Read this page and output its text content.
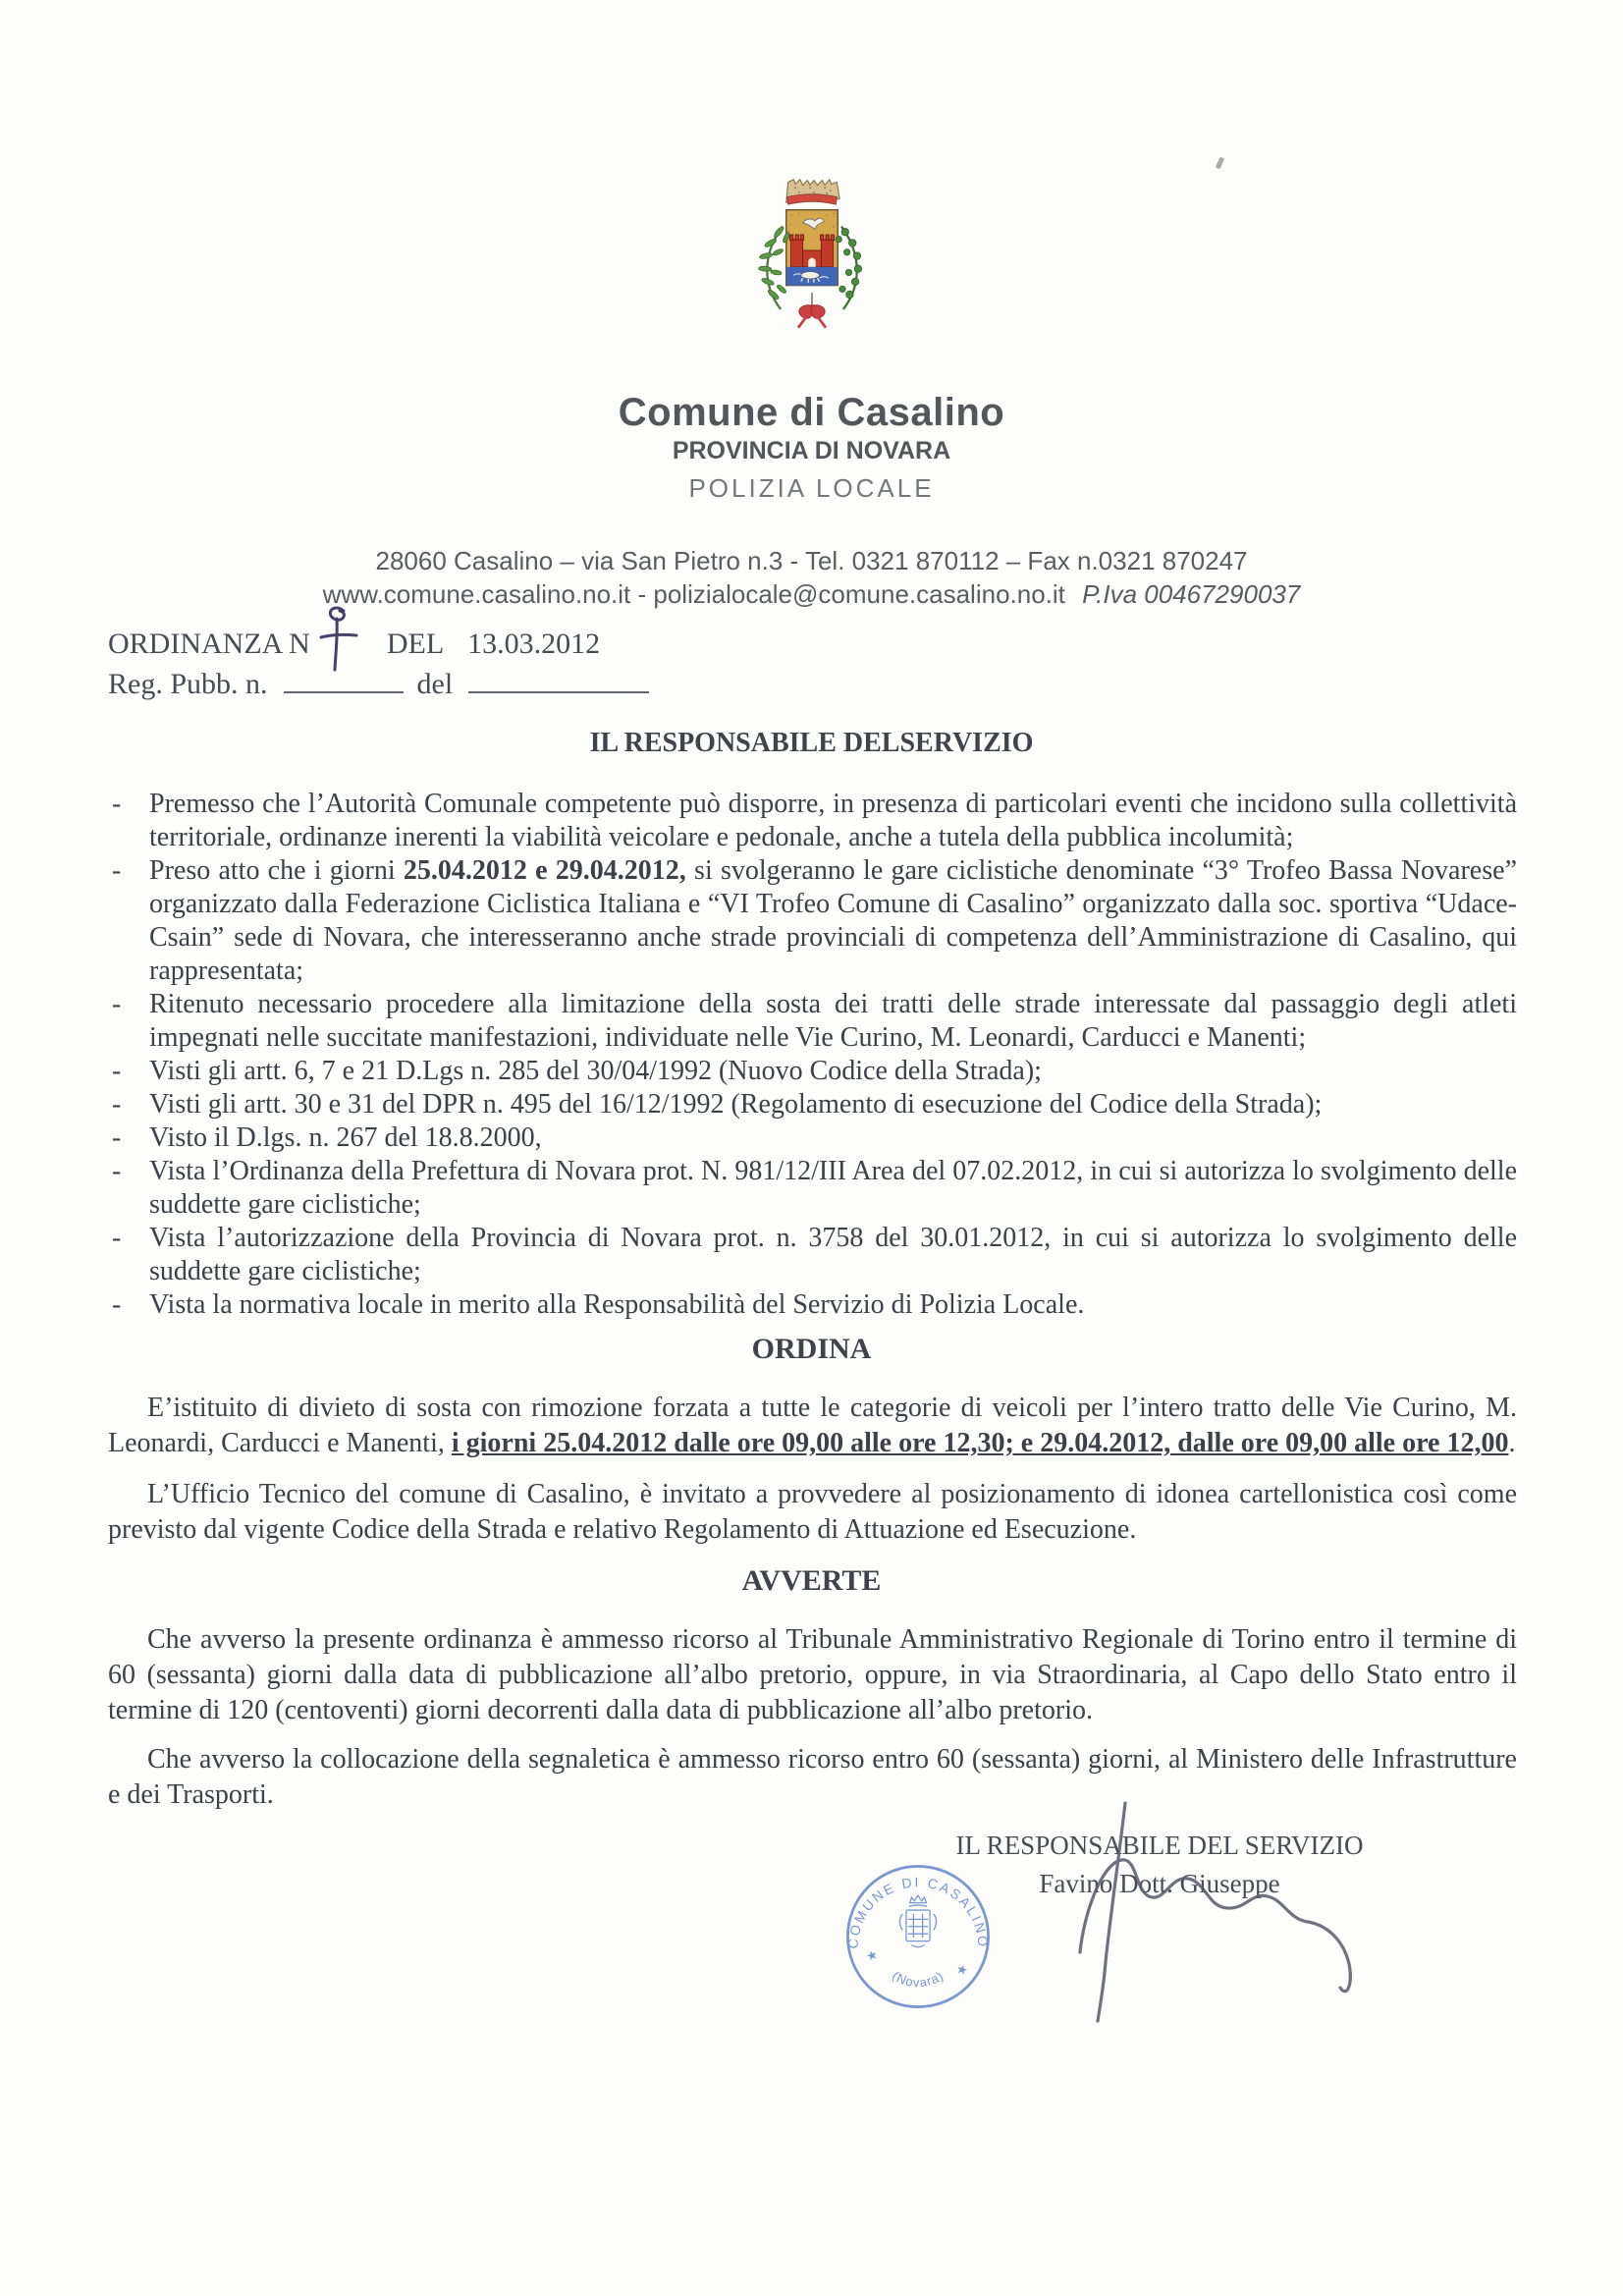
Comune di Casalino
PROVINCIA DI NOVARA
POLIZIA LOCALE
28060 Casalino – via San Pietro n.3 - Tel. 0321 870112 – Fax n.0321 870247
www.comune.casalino.no.it - polizialocale@comune.casalino.no.it P.Iva 00467290037
ORDINANZA N	DEL 13.03.2012
Reg. Pubb. n.	del
IL RESPONSABILE DELSERVIZIO
- Premesso che l’Autorità Comunale competente può disporre, in presenza di particolari eventi che incidono sulla collettività territoriale, ordinanze inerenti la viabilità veicolare e pedonale, anche a tutela della pubblica incolumità;
- Preso atto che i giorni 25.04.2012 e 29.04.2012, si svolgeranno le gare ciclistiche denominate “3° Trofeo Bassa Novarese” organizzato dalla Federazione Ciclistica Italiana e “VI Trofeo Comune di Casalino” organizzato dalla soc. sportiva “Udace-Csain” sede di Novara, che interesseranno anche strade provinciali di competenza dell’Amministrazione di Casalino, qui rappresentata;
- Ritenuto necessario procedere alla limitazione della sosta dei tratti delle strade interessate dal passaggio degli atleti impegnati nelle succitate manifestazioni, individuate nelle Vie Curino, M. Leonardi, Carducci e Manenti;
- Visti gli artt. 6, 7 e 21 D.Lgs n. 285 del 30/04/1992 (Nuovo Codice della Strada);
- Visti gli artt. 30 e 31 del DPR n. 495 del 16/12/1992 (Regolamento di esecuzione del Codice della Strada);
- Visto il D.lgs. n. 267 del 18.8.2000,
- Vista l’Ordinanza della Prefettura di Novara prot. N. 981/12/III Area del 07.02.2012, in cui si autorizza lo svolgimento delle suddette gare ciclistiche;
- Vista l’autorizzazione della Provincia di Novara prot. n. 3758 del 30.01.2012, in cui si autorizza lo svolgimento delle suddette gare ciclistiche;
- Vista la normativa locale in merito alla Responsabilità del Servizio di Polizia Locale.
ORDINA

E’istituito di divieto di sosta con rimozione forzata a tutte le categorie di veicoli per l’intero tratto delle Vie Curino, M. Leonardi, Carducci e Manenti, i giorni 25.04.2012 dalle ore 09,00 alle ore 12,30; e 29.04.2012, dalle ore 09,00 alle ore 12,00.

L’Ufficio Tecnico del comune di Casalino, è invitato a provvedere al posizionamento di idonea cartellonistica così come previsto dal vigente Codice della Strada e relativo Regolamento di Attuazione ed Esecuzione.

AVVERTE

Che avverso la presente ordinanza è ammesso ricorso al Tribunale Amministrativo Regionale di Torino entro il termine di 60 (sessanta) giorni dalla data di pubblicazione all’albo pretorio, oppure, in via Straordinaria, al Capo dello Stato entro il termine di 120 (centoventi) giorni decorrenti dalla data di pubblicazione all’albo pretorio.

Che avverso la collocazione della segnaletica è ammesso ricorso entro 60 (sessanta) giorni, al Ministero delle Infrastrutture e dei Trasporti.

IL RESPONSABILE DEL SERVIZIO
Favino Dott. Giuseppe
COMUNE DI CASALINO
(Novara)
★
★
